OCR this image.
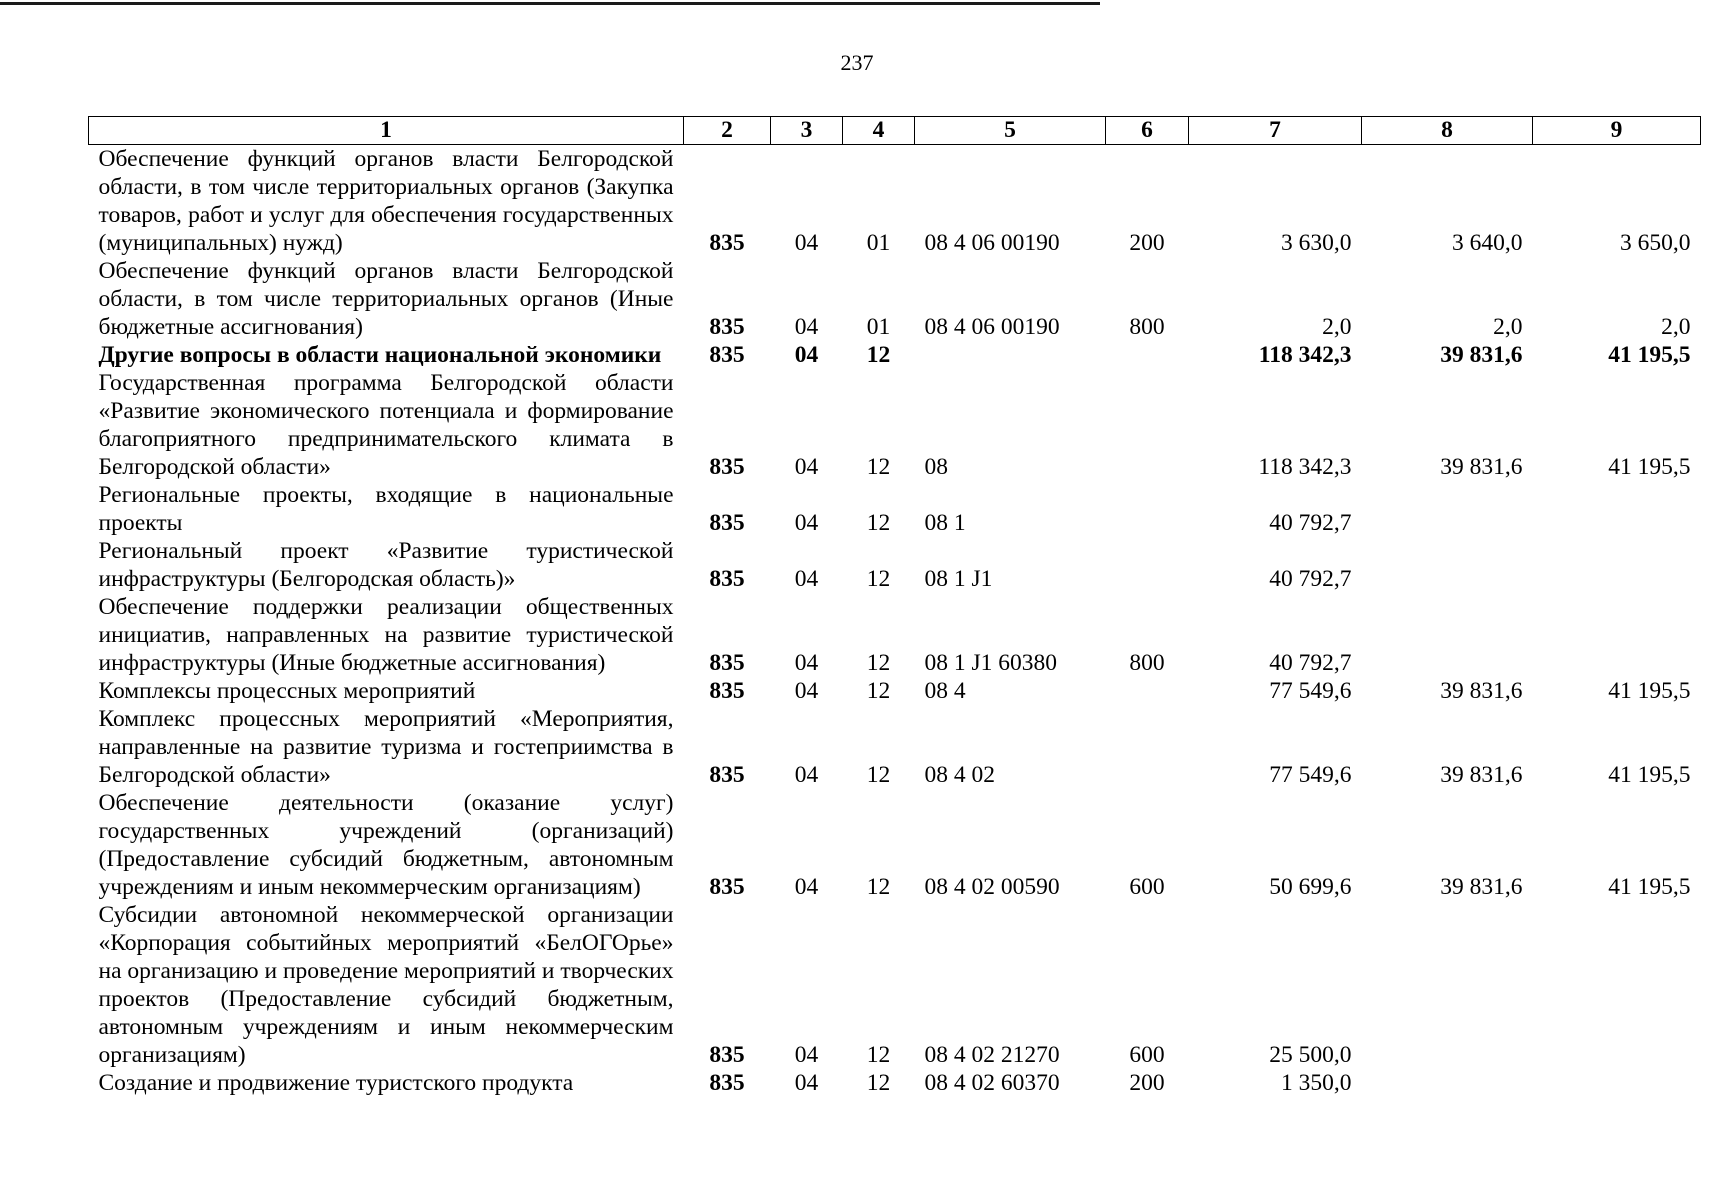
237
1	2	3	4	5	6	7	8	9
Обеспечение функций органов власти Белгородской области, в том числе территориальных органов (Закупка товаров, работ и услуг для обеспечения государственных (муниципальных) нужд)	835	04	01	08 4 06 00190	200	3 630,0	3 640,0	3 650,0
Обеспечение функций органов власти Белгородской области, в том числе территориальных органов (Иные бюджетные ассигнования)	835	04	01	08 4 06 00190	800	2,0	2,0	2,0
Другие вопросы в области национальной экономики	835	04	12			118 342,3	39 831,6	41 195,5
Государственная программа Белгородской области «Развитие экономического потенциала и формирование благоприятного предпринимательского климата в Белгородской области»	835	04	12	08		118 342,3	39 831,6	41 195,5
Региональные проекты, входящие в национальные проекты	835	04	12	08 1		40 792,7		
Региональный проект «Развитие туристической инфраструктуры (Белгородская область)»	835	04	12	08 1 J1		40 792,7		
Обеспечение поддержки реализации общественных инициатив, направленных на развитие туристической инфраструктуры (Иные бюджетные ассигнования)	835	04	12	08 1 J1 60380	800	40 792,7		
Комплексы процессных мероприятий	835	04	12	08 4		77 549,6	39 831,6	41 195,5
Комплекс процессных мероприятий «Мероприятия, направленные на развитие туризма и гостеприимства в Белгородской области»	835	04	12	08 4 02		77 549,6	39 831,6	41 195,5
Обеспечение деятельности (оказание услуг) государственных учреждений (организаций) (Предоставление субсидий бюджетным, автономным учреждениям и иным некоммерческим организациям)	835	04	12	08 4 02 00590	600	50 699,6	39 831,6	41 195,5
Субсидии автономной некоммерческой организации «Корпорация событийных мероприятий «БелОГОрье» на организацию и проведение мероприятий и творческих проектов (Предоставление субсидий бюджетным, автономным учреждениям и иным некоммерческим организациям)	835	04	12	08 4 02 21270	600	25 500,0		
Создание и продвижение туристского продукта	835	04	12	08 4 02 60370	200	1 350,0		
